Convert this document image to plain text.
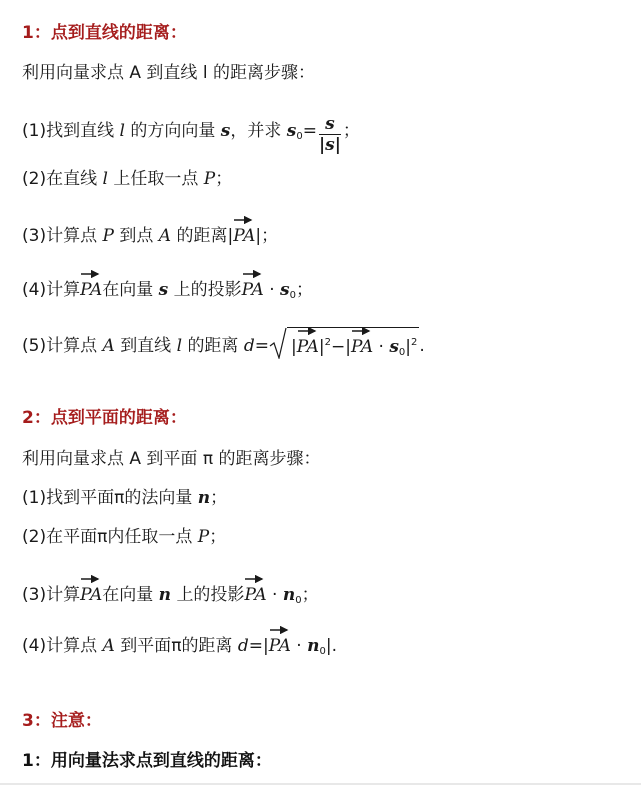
1：点到直线的距离：
利用向量求点 A 到直线 l 的距离步骤：
(1)找到直线 l 的方向向量 s，并求 $s_0= \frac{s}{|s|}$ ；
(2)在直线 l 上任取一点 P；
(3)计算点 P 到点 A 的距离|
PA|；
(4)计算
PA在向量 s 上的投影
PA · $s_0$；
(5)计算点 A 到直线 l 的距离 d= |
$PA|^2-|$
PA · $s_0|^2$ .
2：点到平面的距离：
利用向量求点 A 到平面 π 的距离步骤：
(1)找到平面π的法向量 n；
(2)在平面π内任取一点 P；
(3)计算
PA在向量 n 上的投影
PA · $n_0$；
(4)计算点 A 到平面π的距离 d=|
PA · $n_0|$.
3：注意：
1：用向量法求点到直线的距离：
